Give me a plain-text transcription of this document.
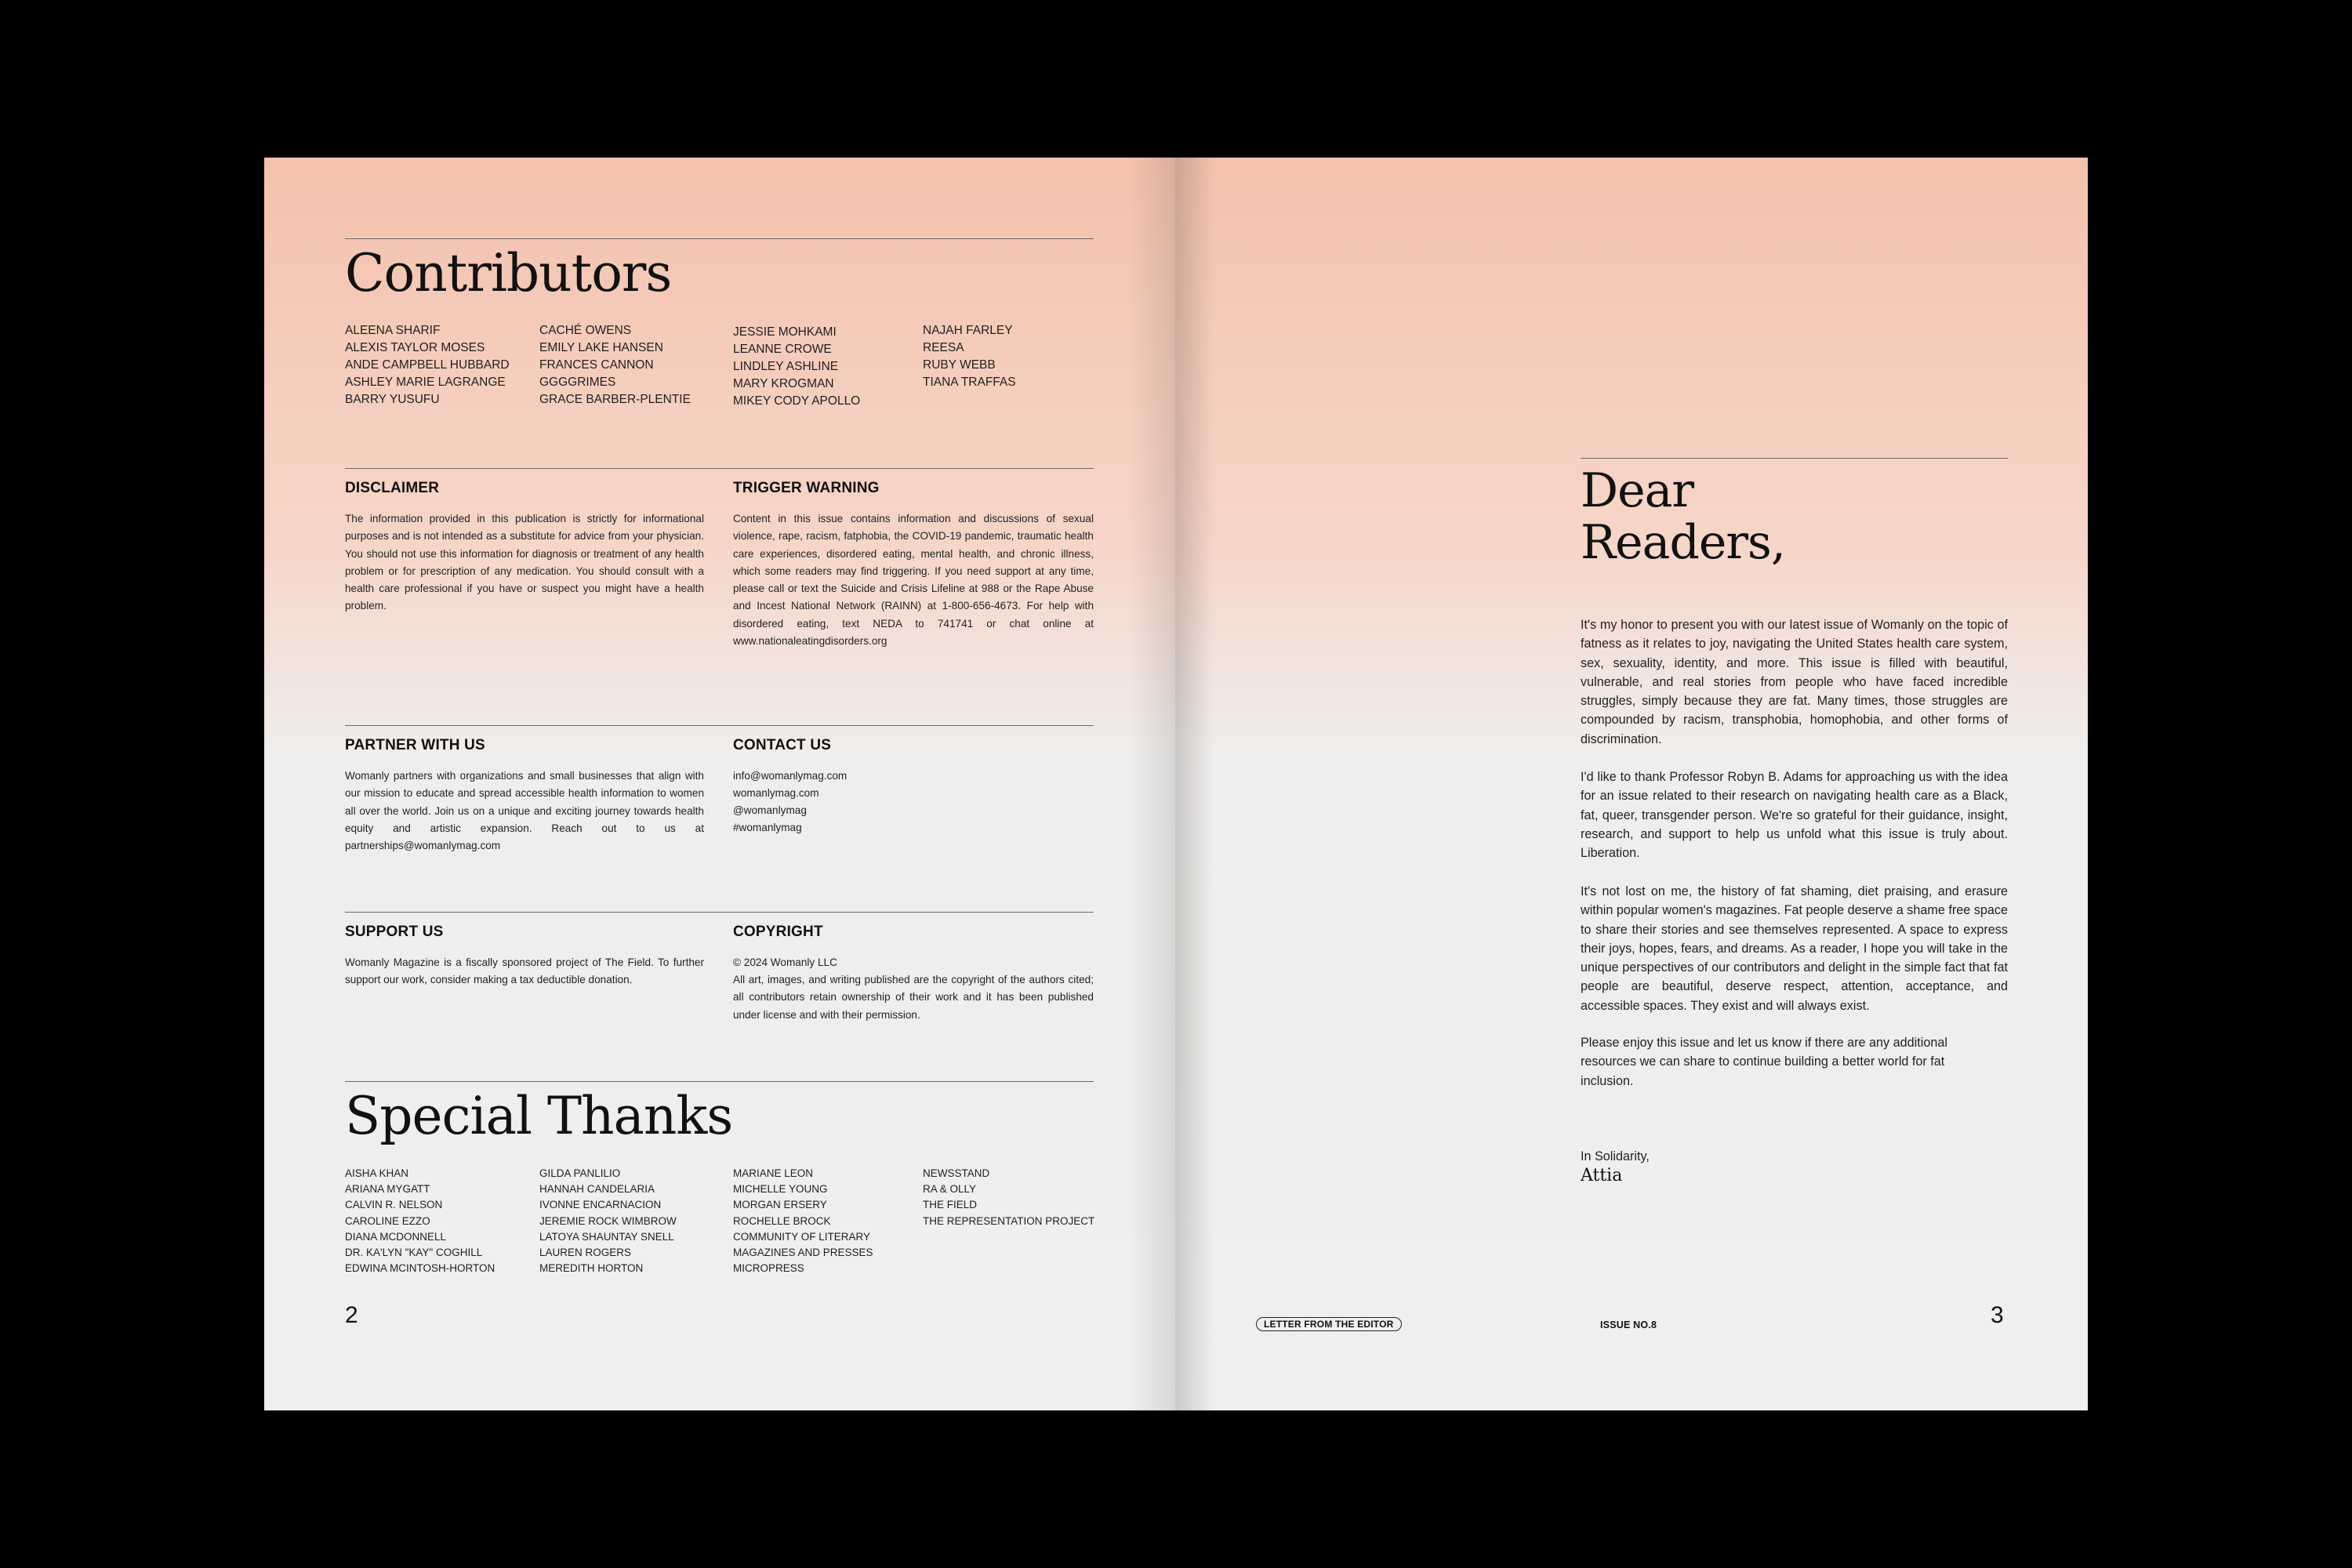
Contributors
ALEENA SHARIF
ALEXIS TAYLOR MOSES
ANDE CAMPBELL HUBBARD
ASHLEY MARIE LAGRANGE
BARRY YUSUFU
CACHÉ OWENS
EMILY LAKE HANSEN
FRANCES CANNON
GGGGRIMES
GRACE BARBER-PLENTIE
JESSIE MOHKAMI
LEANNE CROWE
LINDLEY ASHLINE
MARY KROGMAN
MIKEY CODY APOLLO
NAJAH FARLEY
REESA
RUBY WEBB
TIANA TRAFFAS
DISCLAIMER

The information provided in this publication is strictly for informational purposes and is not intended as a substitute for advice from your physician. You should not use this information for diagnosis or treatment of any health problem or for prescription of any medication. You should consult with a health care professional if you have or suspect you might have a health problem.

TRIGGER WARNING

Content in this issue contains information and discussions of sexual violence, rape, racism, fatphobia, the COVID-19 pandemic, traumatic health care experiences, disordered eating, mental health, and chronic illness, which some readers may find triggering. If you need support at any time, please call or text the Suicide and Crisis Lifeline at 988 or the Rape Abuse and Incest National Network (RAINN) at 1-800-656-4673. For help with disordered eating, text NEDA to 741741 or chat online at www.nationaleatingdisorders.org

PARTNER WITH US

Womanly partners with organizations and small businesses that align with our mission to educate and spread accessible health information to women all over the world. Join us on a unique and exciting journey towards health equity and artistic expansion. Reach out to us at partnerships@womanlymag.com

CONTACT US
info@womanlymag.com
womanlymag.com
@womanlymag
#womanlymag
SUPPORT US

Womanly Magazine is a fiscally sponsored project of The Field. To further support our work, consider making a tax deductible donation.

COPYRIGHT

© 2024 Womanly LLC

All art, images, and writing published are the copyright of the authors cited; all contributors retain ownership of their work and it has been published under license and with their permission.

Special Thanks
AISHA KHAN
ARIANA MYGATT
CALVIN R. NELSON
CAROLINE EZZO
DIANA MCDONNELL
DR. KA'LYN "KAY" COGHILL
EDWINA MCINTOSH-HORTON
GILDA PANLILIO
HANNAH CANDELARIA
IVONNE ENCARNACION
JEREMIE ROCK WIMBROW
LATOYA SHAUNTAY SNELL
LAUREN ROGERS
MEREDITH HORTON
MARIANE LEON
MICHELLE YOUNG
MORGAN ERSERY
ROCHELLE BROCK
COMMUNITY OF LITERARY
MAGAZINES AND PRESSES
MICROPRESS
NEWSSTAND
RA & OLLY
THE FIELD
THE REPRESENTATION PROJECT
2
Dear
Readers,

It's my honor to present you with our latest issue of Womanly on the topic of fatness as it relates to joy, navigating the United States health care system, sex, sexuality, identity, and more. This issue is filled with beautiful, vulnerable, and real stories from people who have faced incredible struggles, simply because they are fat. Many times, those struggles are compounded by racism, transphobia, homophobia, and other forms of discrimination.

I'd like to thank Professor Robyn B. Adams for approaching us with the idea for an issue related to their research on navigating health care as a Black, fat, queer, transgender person. We're so grateful for their guidance, insight, research, and support to help us unfold what this issue is truly about. Liberation.

It's not lost on me, the history of fat shaming, diet praising, and erasure within popular women's magazines. Fat people deserve a shame free space to share their stories and see themselves represented. A space to express their joys, hopes, fears, and dreams. As a reader, I hope you will take in the unique perspectives of our contributors and delight in the simple fact that fat people are beautiful, deserve respect, attention, acceptance, and accessible spaces. They exist and will always exist.

Please enjoy this issue and let us know if there are any additional resources we can share to continue building a better world for fat inclusion.

In Solidarity,
Attia
LETTER FROM THE EDITOR	ISSUE NO.8	3
